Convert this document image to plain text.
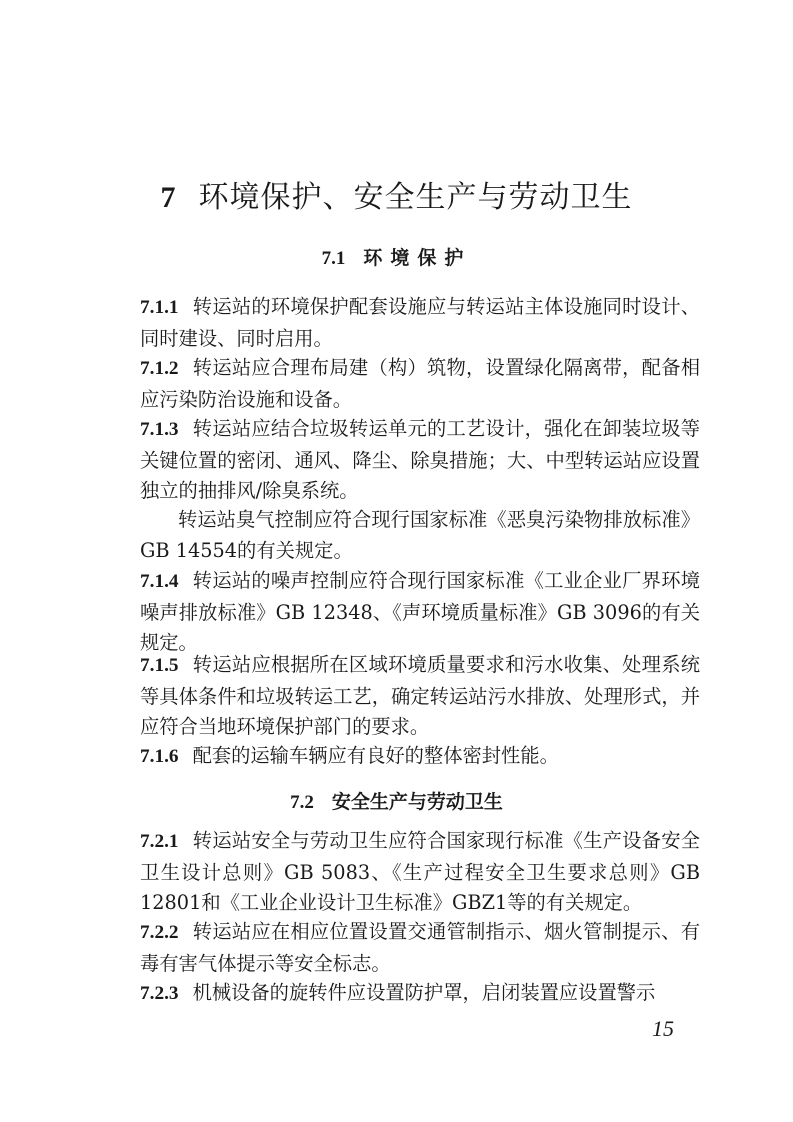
7 环境保护、安全生产与劳动卫生
7.1 环境保护

7.1.1 转运站的环境保护配套设施应与转运站主体设施同时设计、同时建设、同时启用。

7.1.2 转运站应合理布局建（构）筑物，设置绿化隔离带，配备相应污染防治设施和设备。

7.1.3 转运站应结合垃圾转运单元的工艺设计，强化在卸装垃圾等关键位置的密闭、通风、降尘、除臭措施；大、中型转运站应设置独立的抽排风/除臭系统。

转运站臭气控制应符合现行国家标准《恶臭污染物排放标准》GB 14554的有关规定。

7.1.4 转运站的噪声控制应符合现行国家标准《工业企业厂界环境噪声排放标准》GB 12348、《声环境质量标准》GB 3096的有关规定。

7.1.5 转运站应根据所在区域环境质量要求和污水收集、处理系统等具体条件和垃圾转运工艺，确定转运站污水排放、处理形式，并应符合当地环境保护部门的要求。

7.1.6 配套的运输车辆应有良好的整体密封性能。

7.2 安全生产与劳动卫生

7.2.1 转运站安全与劳动卫生应符合国家现行标准《生产设备安全卫生设计总则》GB 5083、《生产过程安全卫生要求总则》GB 12801和《工业企业设计卫生标准》GBZ1等的有关规定。

7.2.2 转运站应在相应位置设置交通管制指示、烟火管制提示、有毒有害气体提示等安全标志。

7.2.3 机械设备的旋转件应设置防护罩，启闭装置应设置警示

15
